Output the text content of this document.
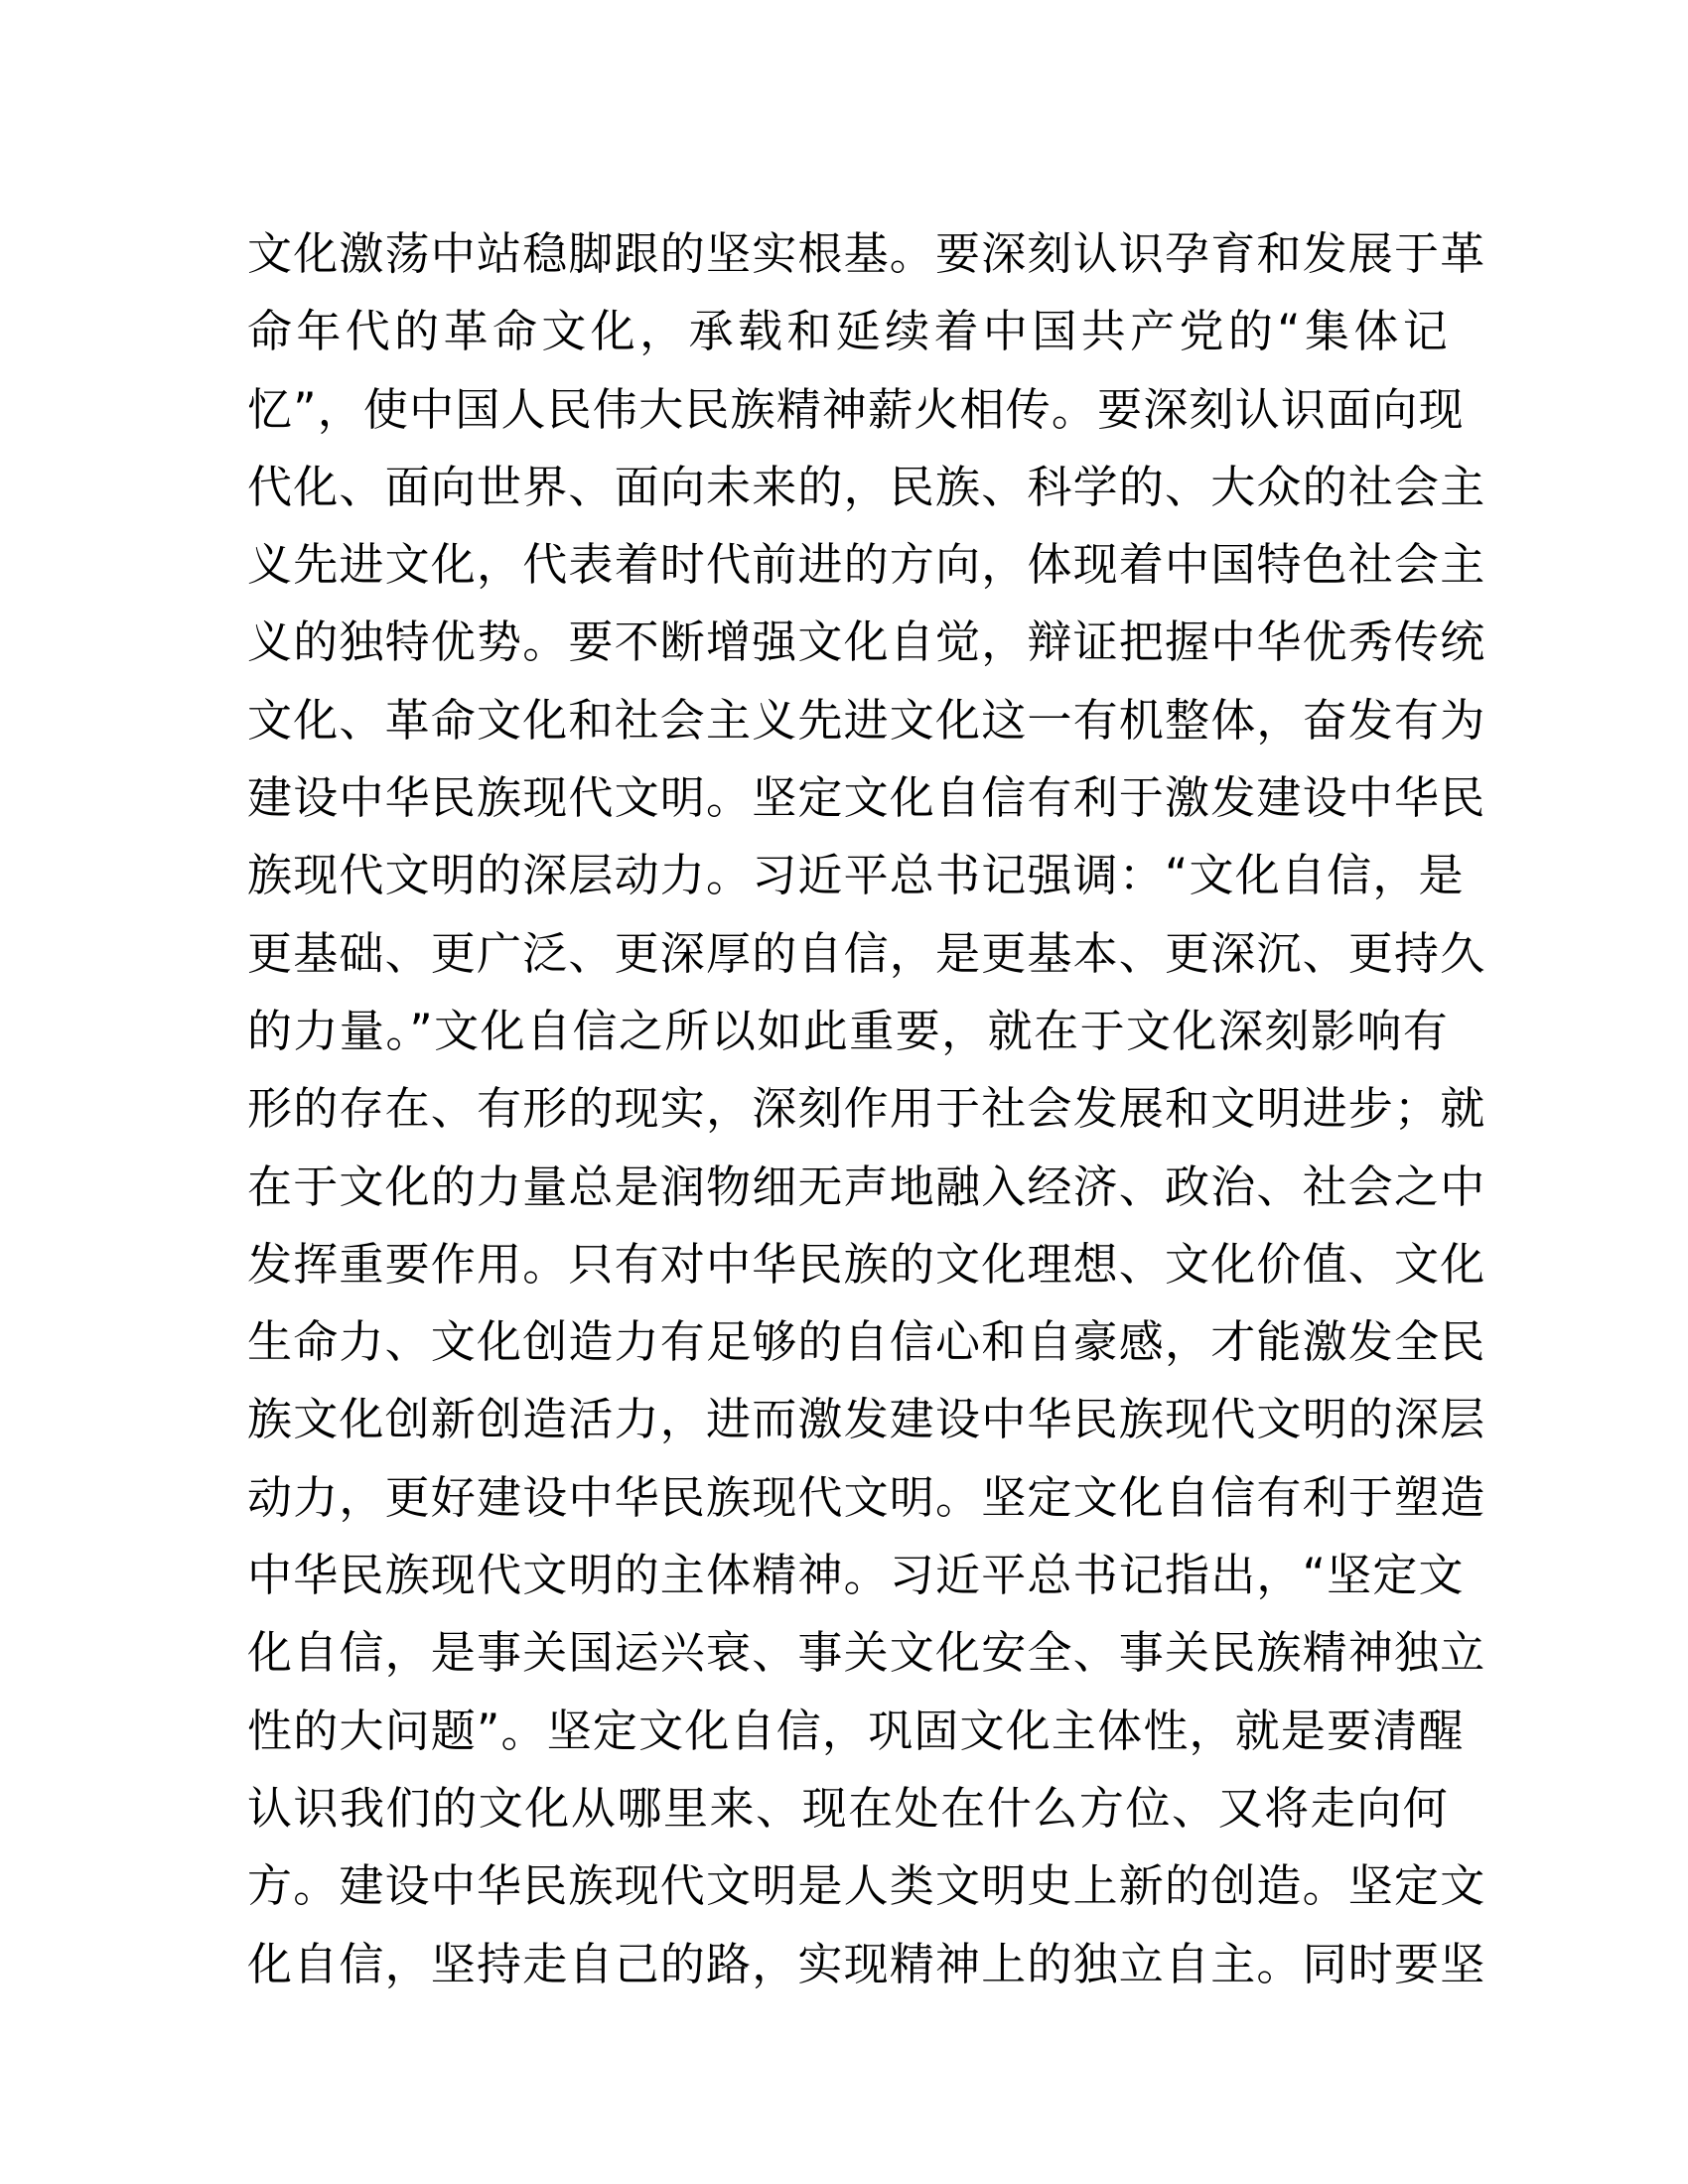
文化激荡中站稳脚跟的坚实根基。要深刻认识孕育和发展于革
命年代的革命文化，承载和延续着中国共产党的“集体记
忆”，使中国人民伟大民族精神薪火相传。要深刻认识面向现
代化、面向世界、面向未来的，民族、科学的、大众的社会主
义先进文化，代表着时代前进的方向，体现着中国特色社会主
义的独特优势。要不断增强文化自觉，辩证把握中华优秀传统
文化、革命文化和社会主义先进文化这一有机整体，奋发有为
建设中华民族现代文明。坚定文化自信有利于激发建设中华民
族现代文明的深层动力。习近平总书记强调：“文化自信，是
更基础、更广泛、更深厚的自信，是更基本、更深沉、更持久
的力量。”文化自信之所以如此重要，就在于文化深刻影响有
形的存在、有形的现实，深刻作用于社会发展和文明进步；就
在于文化的力量总是润物细无声地融入经济、政治、社会之中
发挥重要作用。只有对中华民族的文化理想、文化价值、文化
生命力、文化创造力有足够的自信心和自豪感，才能激发全民
族文化创新创造活力，进而激发建设中华民族现代文明的深层
动力，更好建设中华民族现代文明。坚定文化自信有利于塑造
中华民族现代文明的主体精神。习近平总书记指出，“坚定文
化自信，是事关国运兴衰、事关文化安全、事关民族精神独立
性的大问题”。坚定文化自信，巩固文化主体性，就是要清醒
认识我们的文化从哪里来、现在处在什么方位、又将走向何
方。建设中华民族现代文明是人类文明史上新的创造。坚定文
化自信，坚持走自己的路，实现精神上的独立自主。同时要坚
